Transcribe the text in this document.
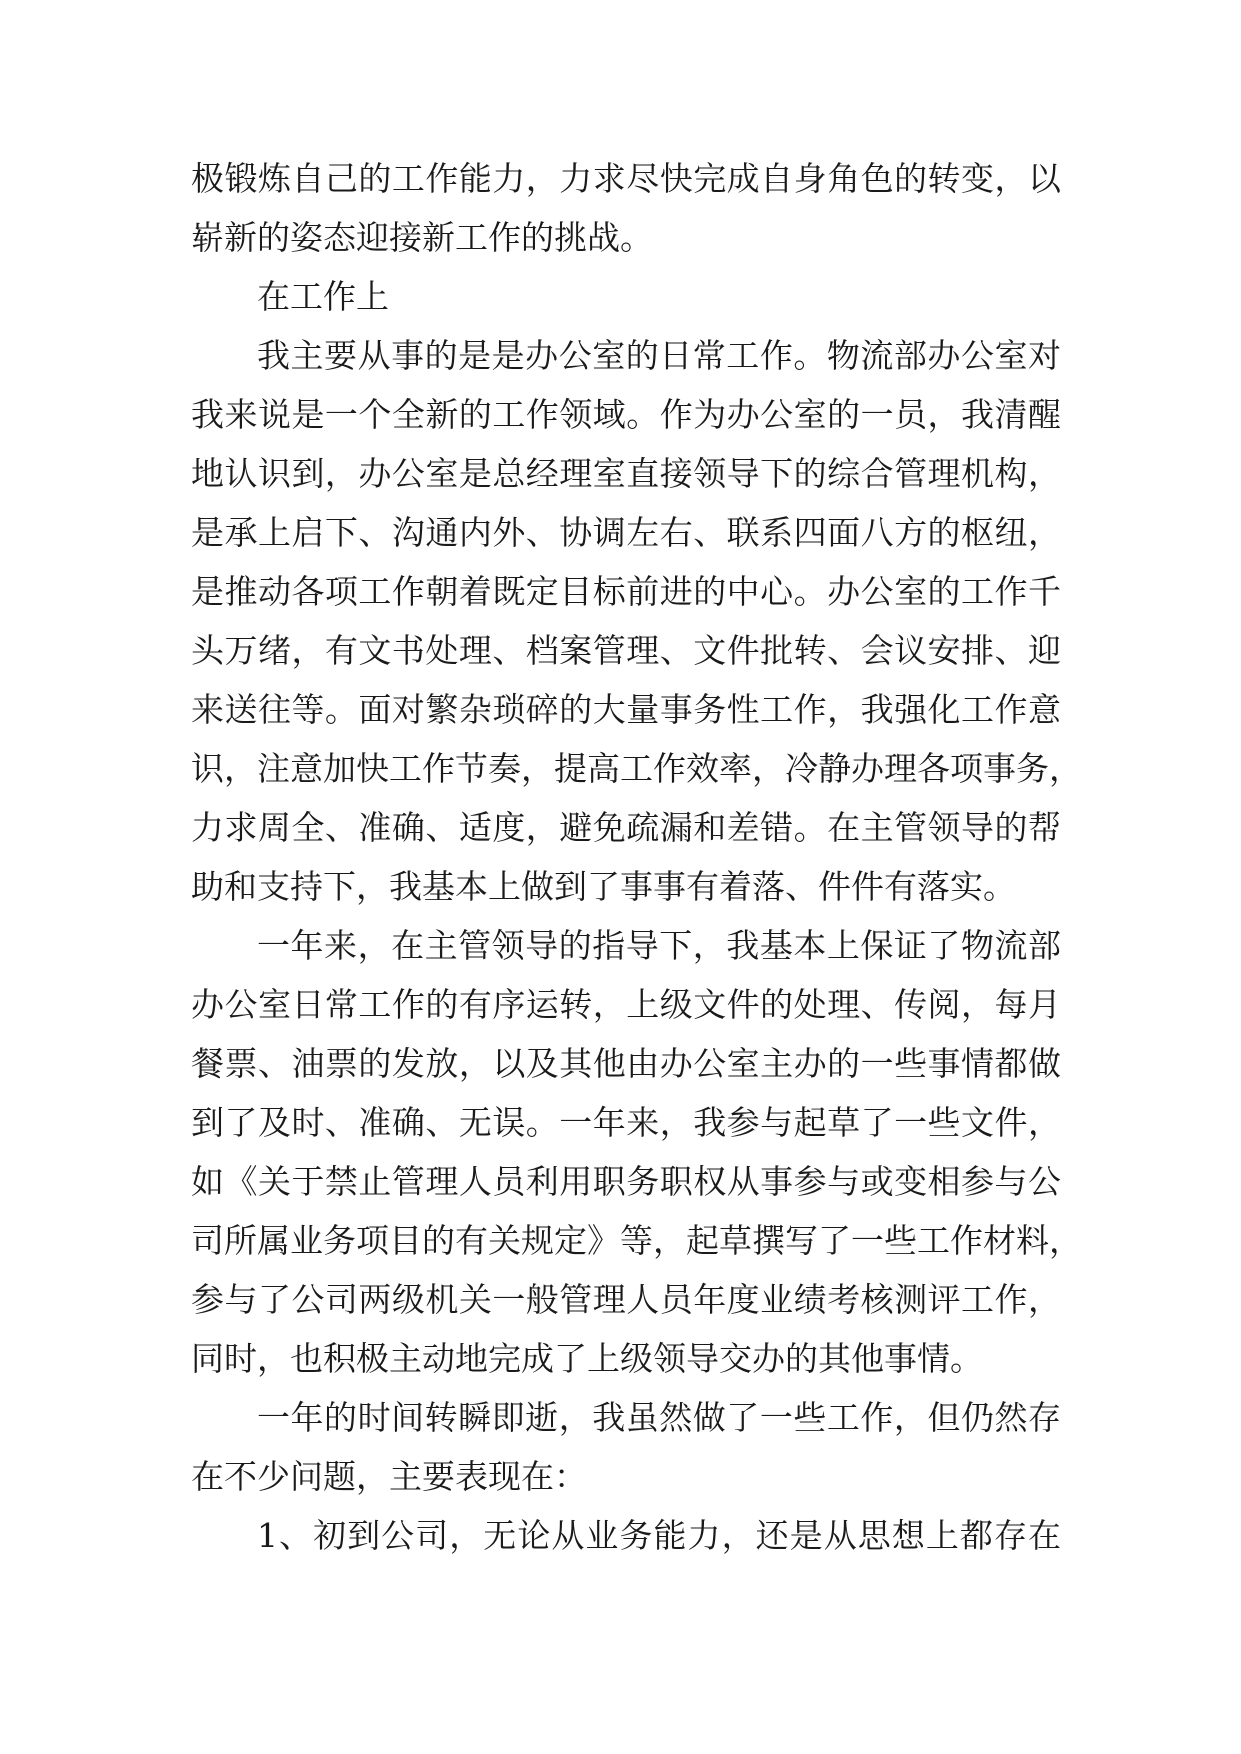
极锻炼自己的工作能力，力求尽快完成自身角色的转变，以
崭新的姿态迎接新工作的挑战。
在工作上
我主要从事的是是办公室的日常工作。物流部办公室对
我来说是一个全新的工作领域。作为办公室的一员，我清醒
地认识到，办公室是总经理室直接领导下的综合管理机构，
是承上启下、沟通内外、协调左右、联系四面八方的枢纽，
是推动各项工作朝着既定目标前进的中心。办公室的工作千
头万绪，有文书处理、档案管理、文件批转、会议安排、迎
来送往等。面对繁杂琐碎的大量事务性工作，我强化工作意
识，注意加快工作节奏，提高工作效率，冷静办理各项事务，
力求周全、准确、适度，避免疏漏和差错。在主管领导的帮
助和支持下，我基本上做到了事事有着落、件件有落实。
一年来，在主管领导的指导下，我基本上保证了物流部
办公室日常工作的有序运转，上级文件的处理、传阅，每月
餐票、油票的发放，以及其他由办公室主办的一些事情都做
到了及时、准确、无误。一年来，我参与起草了一些文件，
如《关于禁止管理人员利用职务职权从事参与或变相参与公
司所属业务项目的有关规定》等，起草撰写了一些工作材料，
参与了公司两级机关一般管理人员年度业绩考核测评工作，
同时，也积极主动地完成了上级领导交办的其他事情。
一年的时间转瞬即逝，我虽然做了一些工作，但仍然存
在不少问题，主要表现在：
1、初到公司，无论从业务能力，还是从思想上都存在
